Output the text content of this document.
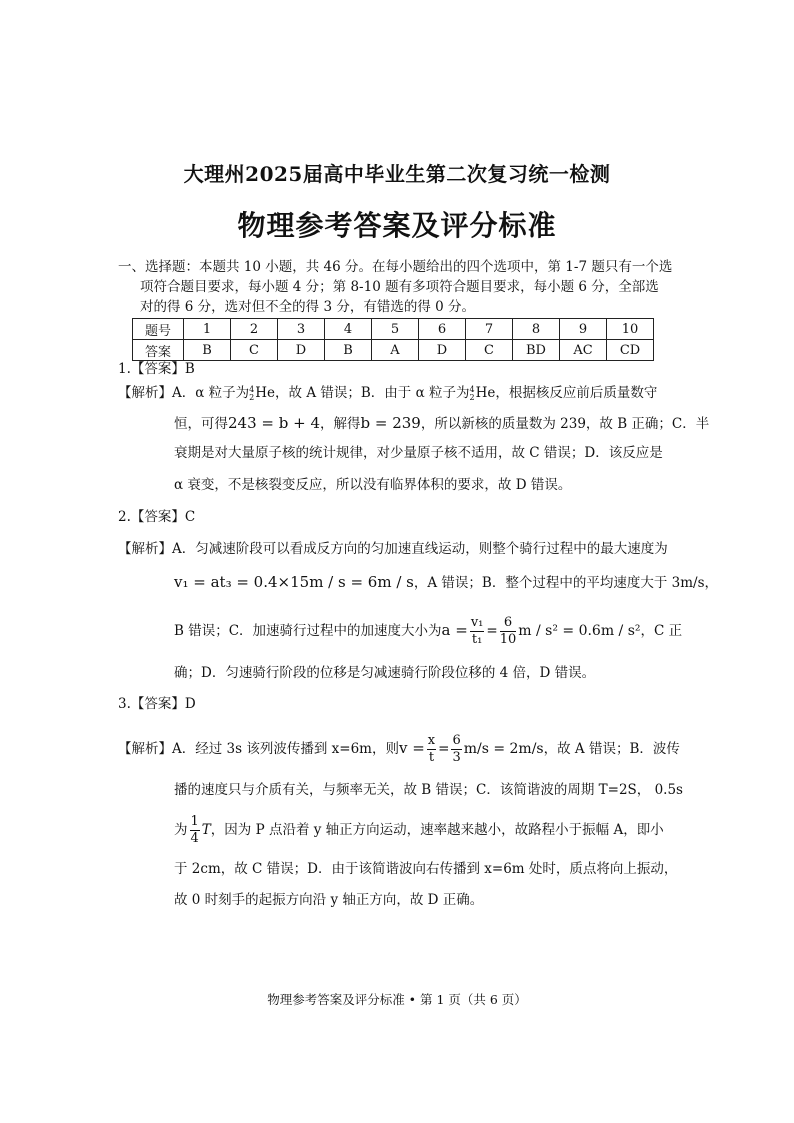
大理州2025届高中毕业生第二次复习统一检测
物理参考答案及评分标准
一、选择题：本题共 10 小题，共 46 分。在每小题给出的四个选项中，第 1-7 题只有一个选
项符合题目要求，每小题 4 分；第 8-10 题有多项符合题目要求，每小题 6 分，全部选
对的得 6 分，选对但不全的得 3 分，有错选的得 0 分。
题号	1	2	3	4	5	6	7	8	9	10
答案	B	C	D	B	A	D	C	BD	AC	CD
1.【答案】B
【解析】A．α 粒子为 4
2 He，故 A 错误；B．由于 α 粒子为 4
2 He，根据核反应前后质量数守
恒，可得243 = b + 4，解得b = 239，所以新核的质量数为 239，故 B 正确；C．半
衰期是对大量原子核的统计规律，对少量原子核不适用，故 C 错误；D．该反应是
α 衰变，不是核裂变反应，所以没有临界体积的要求，故 D 错误。
2.【答案】C
【解析】A．匀减速阶段可以看成反方向的匀加速直线运动，则整个骑行过程中的最大速度为
v₁ = at₃ = 0.4×15m / s = 6m / s，A 错误；B．整个过程中的平均速度大于 3m/s，
B 错误；C．加速骑行过程中的加速度大小为$a = \frac{\text{v₁}}{\text{t₁}} = \frac{6}{10}$ m / s² = 0.6m / s²，C 正
确；D．匀速骑行阶段的位移是匀减速骑行阶段位移的 4 倍，D 错误。
3.【答案】D
【解析】A．经过 3s 该列波传播到 x=6m，则$v = \frac{x}{t} = \frac{6}{3} m/s = 2m/s$，故 A 错误；B．波传
播的速度只与介质有关，与频率无关，故 B 错误；C．该简谐波的周期 T=2S， 0.5s
为 $\frac{1}{4}$ T，因为 P 点沿着 y 轴正方向运动，速率越来越小，故路程小于振幅 A，即小
于 2cm，故 C 错误；D．由于该简谐波向右传播到 x=6m 处时，质点将向上振动，
故 0 时刻手的起振方向沿 y 轴正方向，故 D 正确。
物理参考答案及评分标准 • 第 1 页（共 6 页）
